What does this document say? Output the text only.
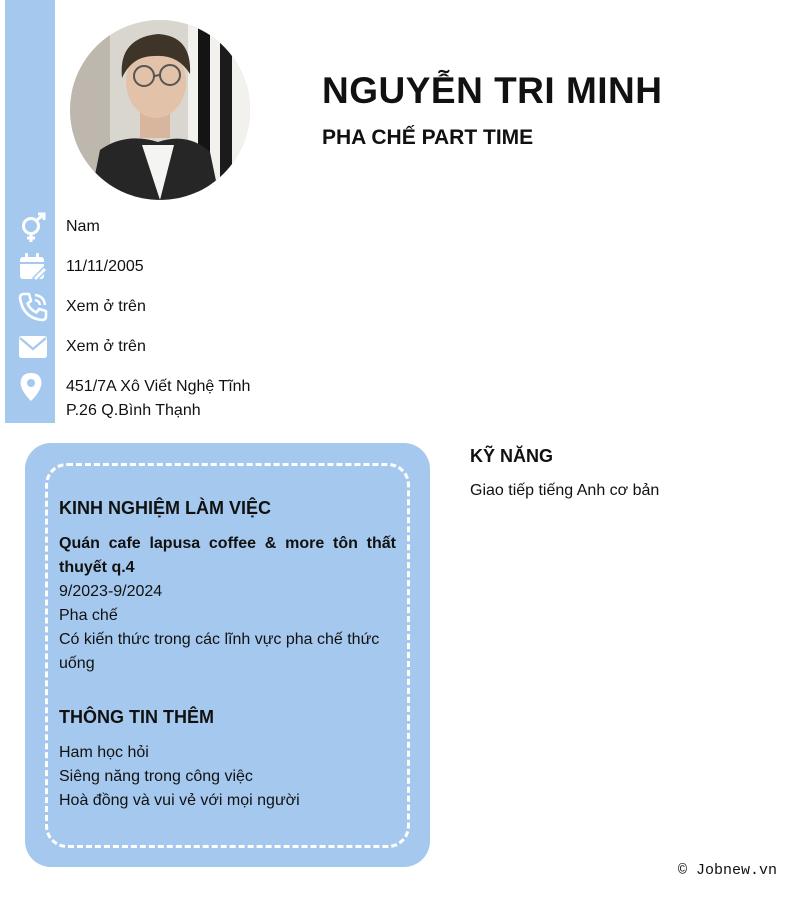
NGUYỄN TRI MINH
PHA CHẾ PART TIME
Nam
11/11/2005
Xem ở trên
Xem ở trên
451/7A Xô Viết Nghệ Tĩnh
P.26 Q.Bình Thạnh
KINH NGHIỆM LÀM VIỆC
Quán cafe lapusa coffee & more tôn thất thuyết q.4
9/2023-9/2024
Pha chế
Có kiến thức trong các lĩnh vực pha chế thức uống
THÔNG TIN THÊM
Ham học hỏi
Siêng năng trong công việc
Hoà đồng và vui vẻ với mọi người
KỸ NĂNG
Giao tiếp tiếng Anh cơ bản
© Jobnew.vn
